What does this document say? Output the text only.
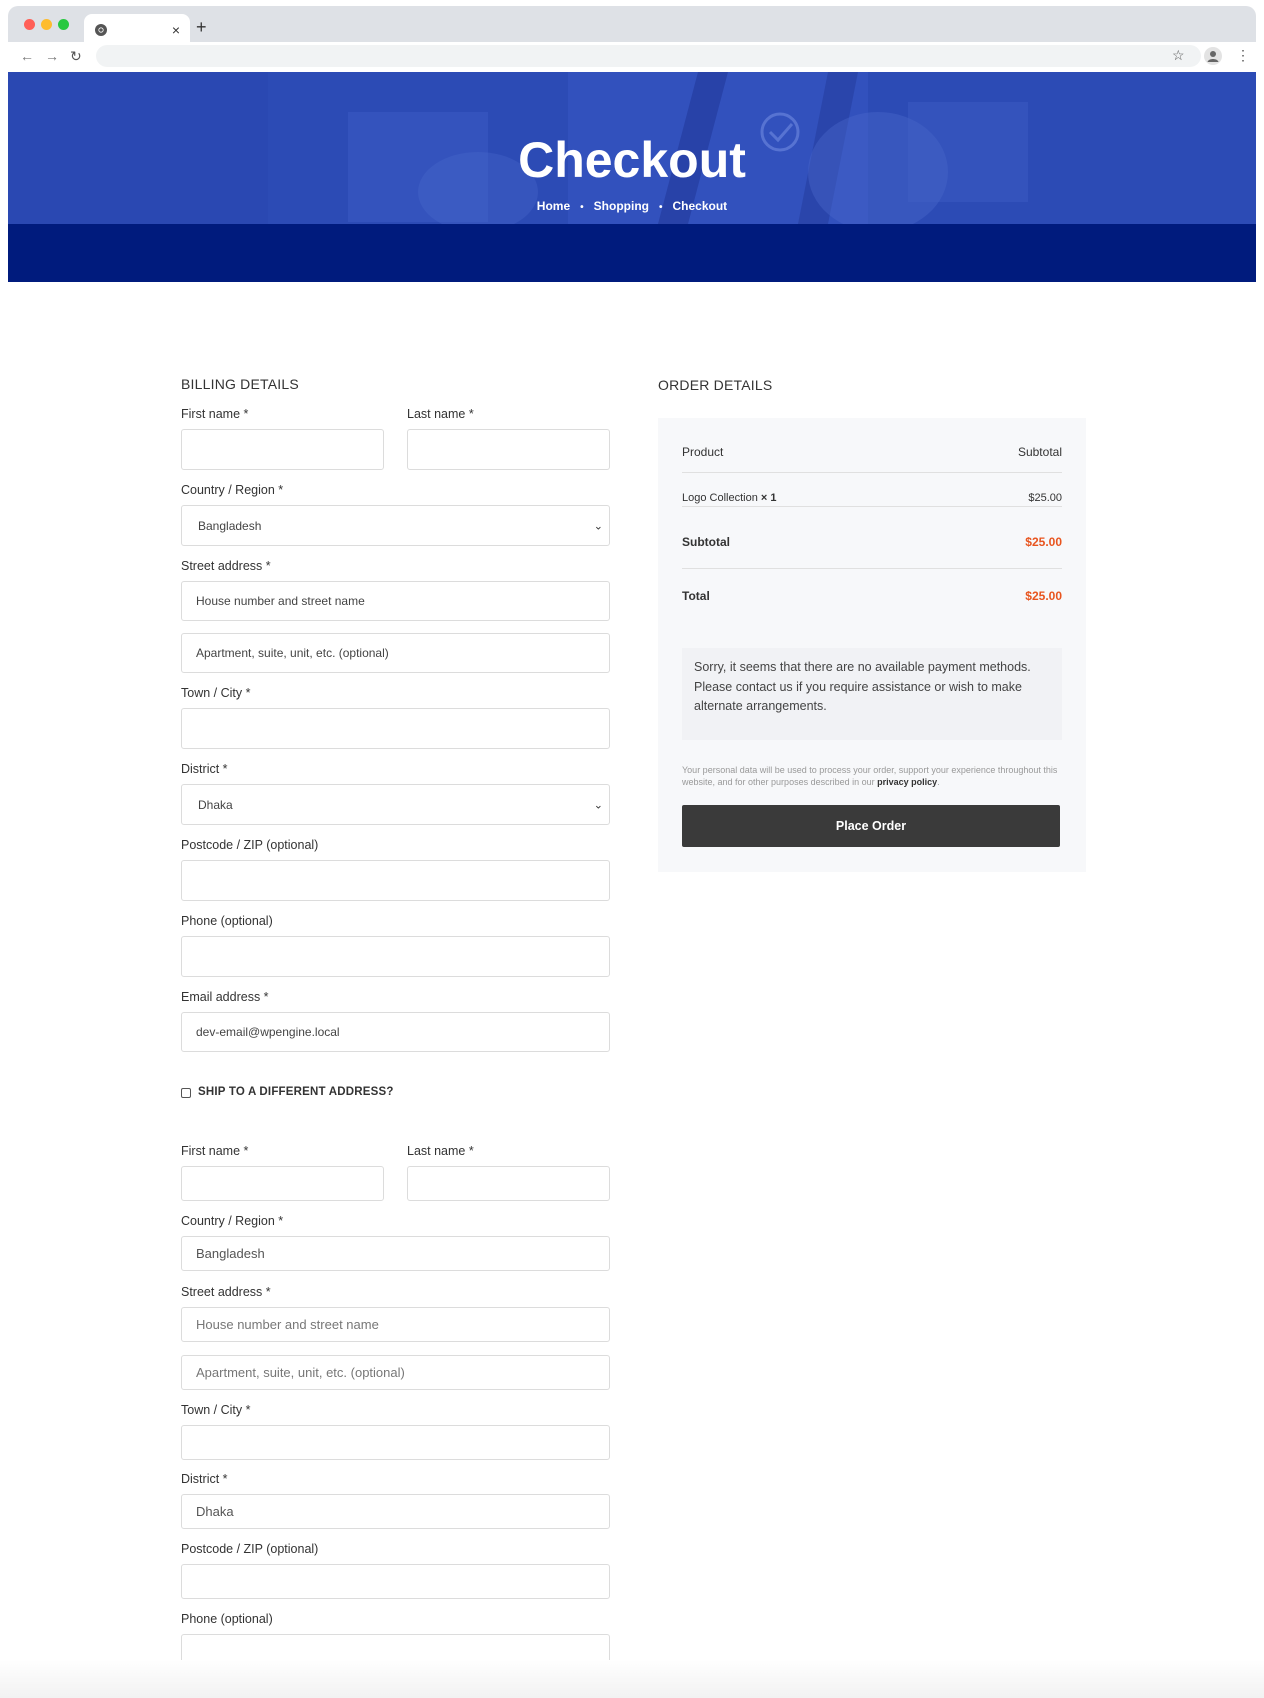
× +
← → ↻	☆	⋮
Checkout
Home • Shopping • Checkout
BILLING DETAILS
First name *	Last name *
Country / Region *
Bangladesh	⌄
Street address *
House number and street name
Apartment, suite, unit, etc. (optional)
Town / City *
District *
Dhaka	⌄
Postcode / ZIP (optional)
Phone (optional)
Email address *
dev-email@wpengine.local
SHIP TO A DIFFERENT ADDRESS?
First name *	Last name *
Country / Region *
Bangladesh
Street address *
House number and street name
Apartment, suite, unit, etc. (optional)
Town / City *
District *
Dhaka
Postcode / ZIP (optional)
Phone (optional)
ORDER DETAILS
Product	Subtotal
Logo Collection × 1	$25.00
Subtotal	$25.00
Total	$25.00
Sorry, it seems that there are no available payment methods. Please contact us if you require assistance or wish to make alternate arrangements.
Your personal data will be used to process your order, support your experience throughout this website, and for other purposes described in our privacy policy.
Place Order
